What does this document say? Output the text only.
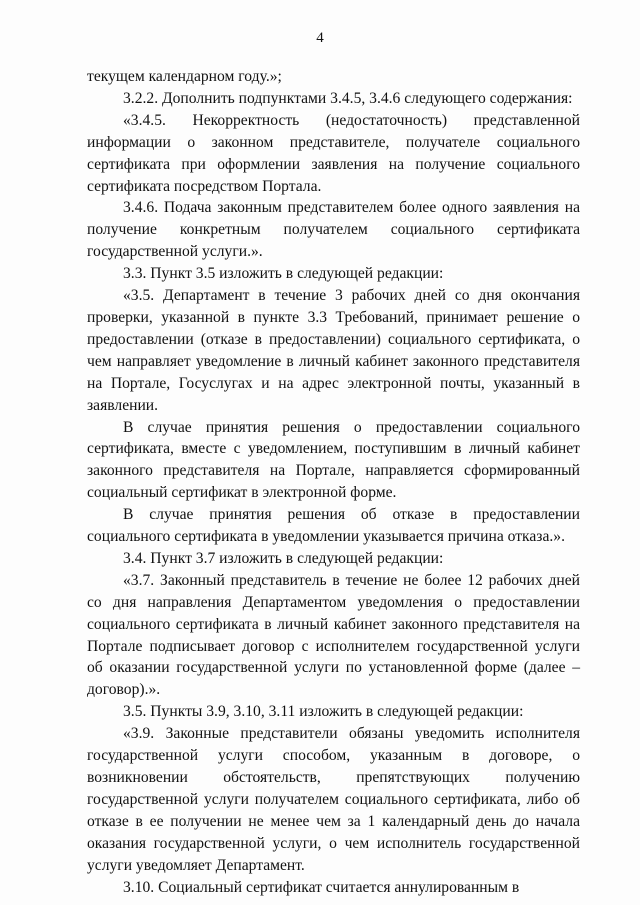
4

текущем календарном году.»;

3.2.2. Дополнить подпунктами 3.4.5, 3.4.6 следующего содержания:

«3.4.5. Некорректность (недостаточность) представленной информации о законном представителе, получателе социального сертификата при оформлении заявления на получение социального сертификата посредством Портала.

3.4.6. Подача законным представителем более одного заявления на получение конкретным получателем социального сертификата государственной услуги.».

3.3. Пункт 3.5 изложить в следующей редакции:

«3.5. Департамент в течение 3 рабочих дней со дня окончания проверки, указанной в пункте 3.3 Требований, принимает решение о предоставлении (отказе в предоставлении) социального сертификата, о чем направляет уведомление в личный кабинет законного представителя на Портале, Госуслугах и на адрес электронной почты, указанный в заявлении.

В случае принятия решения о предоставлении социального сертификата, вместе с уведомлением, поступившим в личный кабинет законного представителя на Портале, направляется сформированный социальный сертификат в электронной форме.

В случае принятия решения об отказе в предоставлении социального сертификата в уведомлении указывается причина отказа.».

3.4. Пункт 3.7 изложить в следующей редакции:

«3.7. Законный представитель в течение не более 12 рабочих дней со дня направления Департаментом уведомления о предоставлении социального сертификата в личный кабинет законного представителя на Портале подписывает договор с исполнителем государственной услуги об оказании государственной услуги по установленной форме (далее – договор).».

3.5. Пункты 3.9, 3.10, 3.11 изложить в следующей редакции:

«3.9. Законные представители обязаны уведомить исполнителя государственной услуги способом, указанным в договоре, о возникновении обстоятельств, препятствующих получению государственной услуги получателем социального сертификата, либо об отказе в ее получении не менее чем за 1 календарный день до начала оказания государственной услуги, о чем исполнитель государственной услуги уведомляет Департамент.

3.10. Социальный сертификат считается аннулированным в
